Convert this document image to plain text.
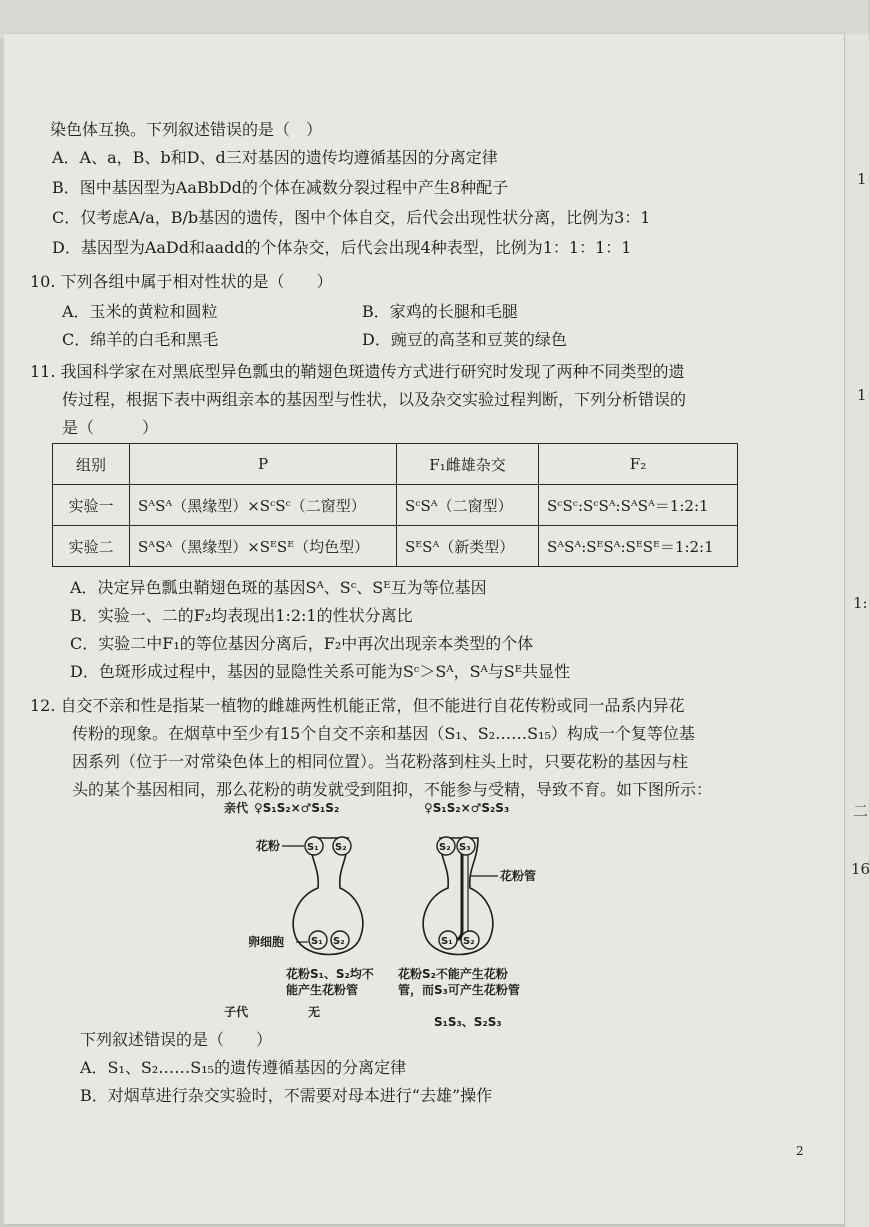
1
1
1:
二
16
染色体互换。下列叙述错误的是（　）
A．A、a，B、b和D、d三对基因的遗传均遵循基因的分离定律
B．图中基因型为AaBbDd的个体在减数分裂过程中产生8种配子
C．仅考虑A/a，B/b基因的遗传，图中个体自交，后代会出现性状分离，比例为3：1
D．基因型为AaDd和aadd的个体杂交，后代会出现4种表型，比例为1：1：1：1
10. 下列各组中属于相对性状的是（　　）
A．玉米的黄粒和圆粒	B．家鸡的长腿和毛腿
C．绵羊的白毛和黑毛	D．豌豆的高茎和豆荚的绿色
11. 我国科学家在对黑底型异色瓢虫的鞘翅色斑遗传方式进行研究时发现了两种不同类型的遗
传过程，根据下表中两组亲本的基因型与性状，以及杂交实验过程判断，下列分析错误的
是（　　　）
组别	P	F₁雌雄杂交	F₂
实验一	SᴬSᴬ（黑缘型）×SᶜSᶜ（二窗型）	SᶜSᴬ（二窗型）	SᶜSᶜ:SᶜSᴬ:SᴬSᴬ＝1:2:1
实验二	SᴬSᴬ（黑缘型）×SᴱSᴱ（均色型）	SᴱSᴬ（新类型）	SᴬSᴬ:SᴱSᴬ:SᴱSᴱ＝1:2:1
A．决定异色瓢虫鞘翅色斑的基因Sᴬ、Sᶜ、Sᴱ互为等位基因
B．实验一、二的F₂均表现出1:2:1的性状分离比
C．实验二中F₁的等位基因分离后，F₂中再次出现亲本类型的个体
D．色斑形成过程中，基因的显隐性关系可能为Sᶜ＞Sᴬ，Sᴬ与Sᴱ共显性
12. 自交不亲和性是指某一植物的雌雄两性机能正常，但不能进行自花传粉或同一品系内异花
传粉的现象。在烟草中至少有15个自交不亲和基因（S₁、S₂……S₁₅）构成一个复等位基
因系列（位于一对常染色体上的相同位置）。当花粉落到柱头上时，只要花粉的基因与柱
头的某个基因相同，那么花粉的萌发就受到阻抑，不能参与受精，导致不育。如下图所示：
亲代 ♀S₁S₂×♂S₁S₂	♀S₁S₂×♂S₂S₃
花粉	S₁ S₂
卵细胞	S₁ S₂
花粉S₁、S₂均不
能产生花粉管
S₂ S₃
花粉管
S₁ S₂
花粉S₂不能产生花粉
管，而S₃可产生花粉管
子代	无
S₁S₃、S₂S₃
下列叙述错误的是（　　）
A．S₁、S₂……S₁₅的遗传遵循基因的分离定律
B．对烟草进行杂交实验时，不需要对母本进行“去雄”操作
2
